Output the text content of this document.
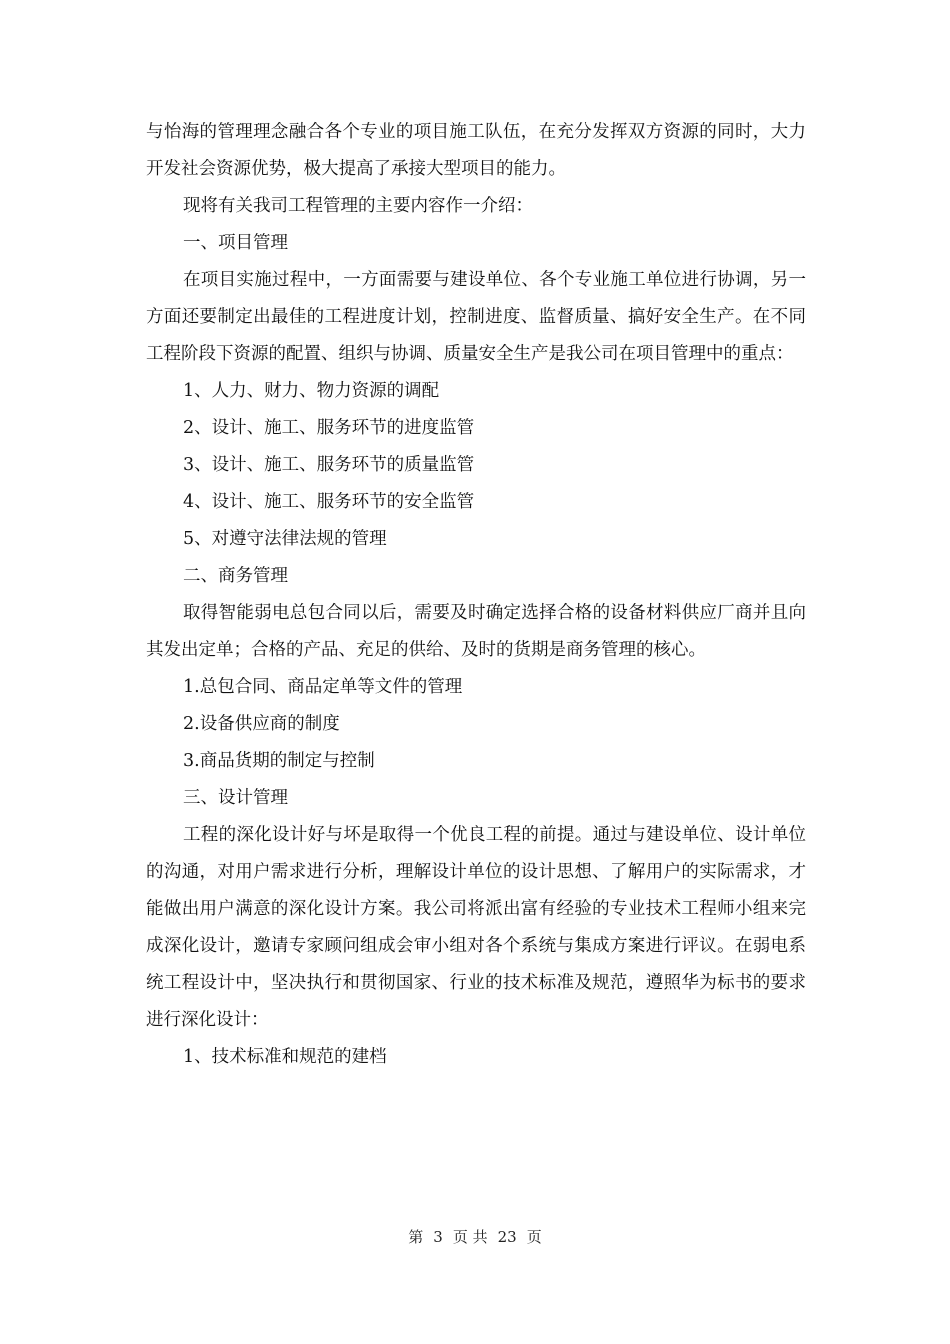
与怡海的管理理念融合各个专业的项目施工队伍，在充分发挥双方资源的同时，大力开发社会资源优势，极大提高了承接大型项目的能力。

现将有关我司工程管理的主要内容作一介绍：

一、项目管理

在项目实施过程中，一方面需要与建设单位、各个专业施工单位进行协调，另一方面还要制定出最佳的工程进度计划，控制进度、监督质量、搞好安全生产。在不同工程阶段下资源的配置、组织与协调、质量安全生产是我公司在项目管理中的重点：

1、人力、财力、物力资源的调配

2、设计、施工、服务环节的进度监管

3、设计、施工、服务环节的质量监管

4、设计、施工、服务环节的安全监管

5、对遵守法律法规的管理

二、商务管理

取得智能弱电总包合同以后，需要及时确定选择合格的设备材料供应厂商并且向其发出定单；合格的产品、充足的供给、及时的货期是商务管理的核心。

1.总包合同、商品定单等文件的管理

2.设备供应商的制度

3.商品货期的制定与控制

三、设计管理

工程的深化设计好与坏是取得一个优良工程的前提。通过与建设单位、设计单位的沟通，对用户需求进行分析，理解设计单位的设计思想、了解用户的实际需求，才能做出用户满意的深化设计方案。我公司将派出富有经验的专业技术工程师小组来完成深化设计，邀请专家顾问组成会审小组对各个系统与集成方案进行评议。在弱电系统工程设计中，坚决执行和贯彻国家、行业的技术标准及规范，遵照华为标书的要求进行深化设计：

1、技术标准和规范的建档

第 3 页 共 23 页
